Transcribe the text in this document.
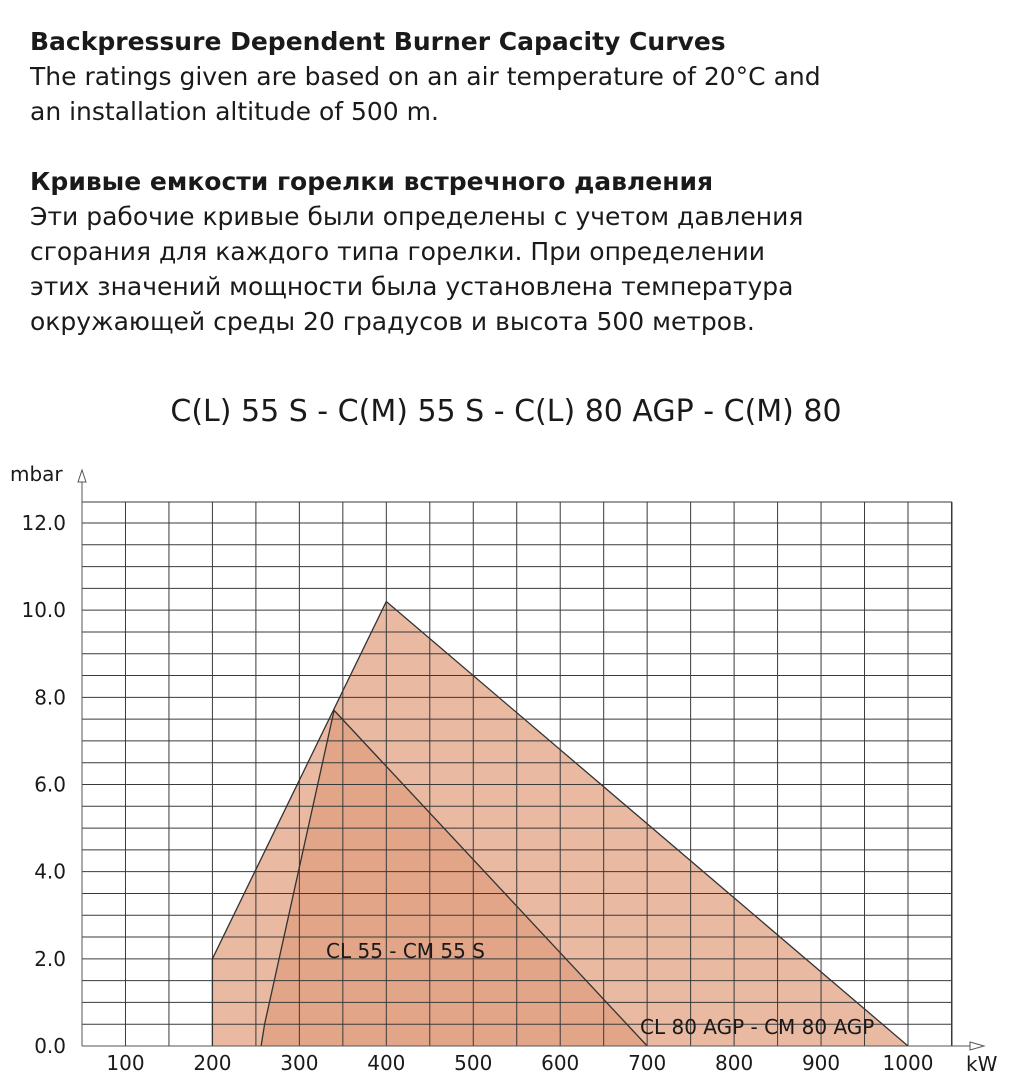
Backpressure Dependent Burner Capacity Curves

The ratings given are based on an air temperature of 20°C and
an installation altitude of 500 m.

Кривые емкости горелки встречного давления

Эти рабочие кривые были определены с учетом давления
сгорания для каждого типа горелки. При определении
этих значений мощности была установлена температура
окружающей среды 20 градусов и высота 500 метров.

C(L) 55 S - C(M) 55 S - C(L) 80 AGP - C(M) 80
0.0
2.0
4.0
6.0
8.0
10.0
12.0
100 200 300 400 500 600 700 800 900 1000
mbar
kW
CL 55 - CM 55 S
CL 80 AGP - CM 80 AGP
